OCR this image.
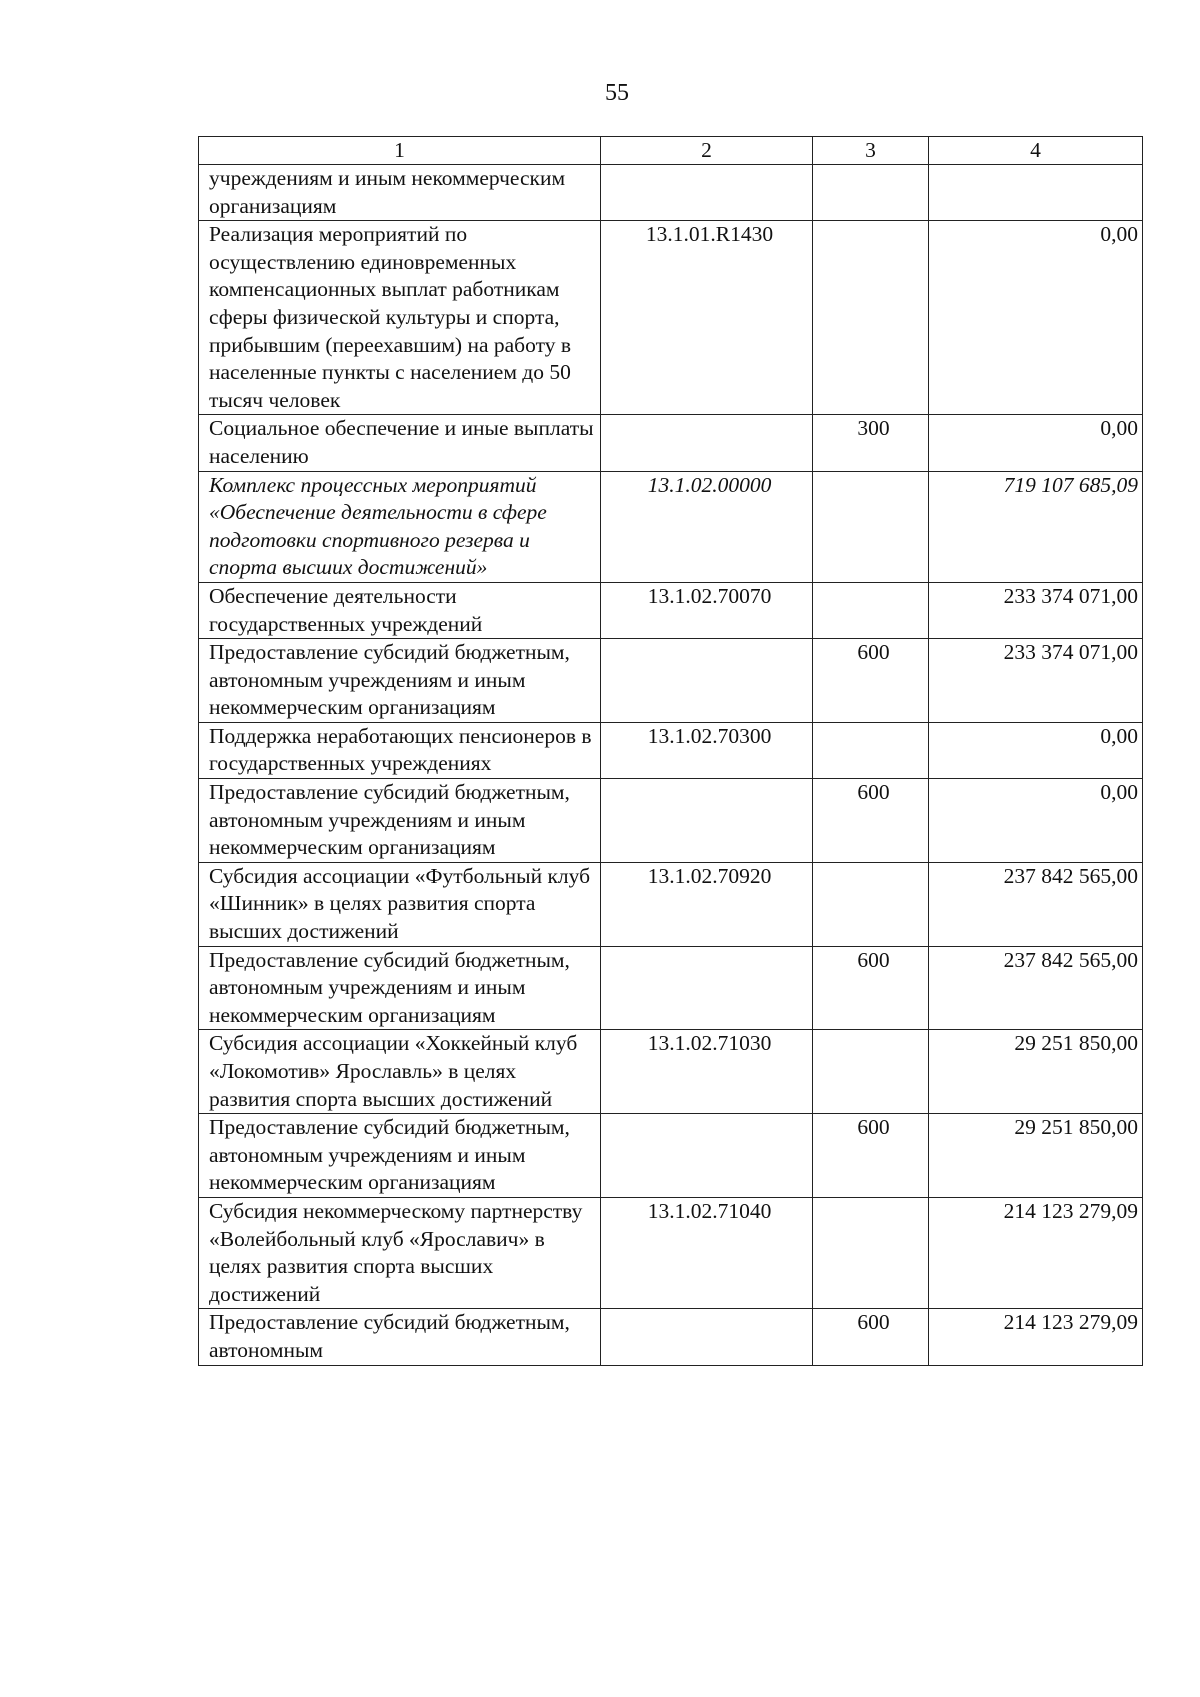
55
1	2	3	4
учреждениям и иным некоммерческим организациям			
Реализация мероприятий по осуществлению единовременных компенсационных выплат работникам сферы физической культуры и спорта, прибывшим (переехавшим) на работу в населенные пункты с населением до 50 тысяч человек	13.1.01.R1430		0,00
Социальное обеспечение и иные выплаты населению		300	0,00
Комплекс процессных мероприятий «Обеспечение деятельности в сфере подготовки спортивного резерва и спорта высших достижений»	13.1.02.00000		719 107 685,09
Обеспечение деятельности государственных учреждений	13.1.02.70070		233 374 071,00
Предоставление субсидий бюджетным, автономным учреждениям и иным некоммерческим организациям		600	233 374 071,00
Поддержка неработающих пенсионеров в государственных учреждениях	13.1.02.70300		0,00
Предоставление субсидий бюджетным, автономным учреждениям и иным некоммерческим организациям		600	0,00
Субсидия ассоциации «Футбольный клуб «Шинник» в целях развития спорта высших достижений	13.1.02.70920		237 842 565,00
Предоставление субсидий бюджетным, автономным учреждениям и иным некоммерческим организациям		600	237 842 565,00
Субсидия ассоциации «Хоккейный клуб «Локомотив» Ярославль» в целях развития спорта высших достижений	13.1.02.71030		29 251 850,00
Предоставление субсидий бюджетным, автономным учреждениям и иным некоммерческим организациям		600	29 251 850,00
Субсидия некоммерческому партнерству «Волейбольный клуб «Ярославич» в целях развития спорта высших достижений	13.1.02.71040		214 123 279,09
Предоставление субсидий бюджетным, автономным		600	214 123 279,09
